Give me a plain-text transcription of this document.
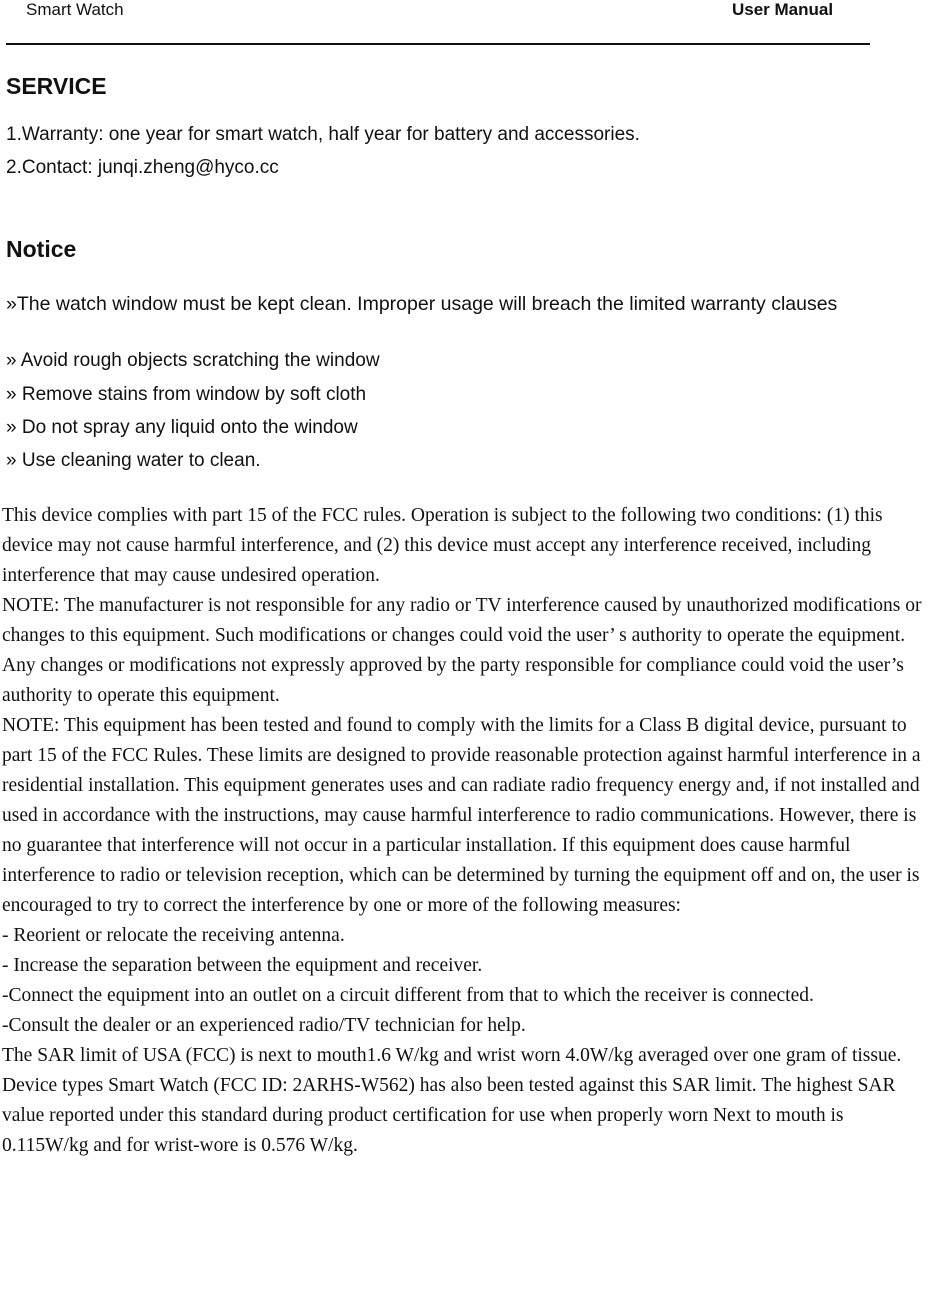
Smart Watch	User Manual
SERVICE
1.Warranty: one year for smart watch, half year for battery and accessories.
2.Contact: junqi.zheng@hyco.cc
Notice
»The watch window must be kept clean. Improper usage will breach the limited warranty clauses
» Avoid rough objects scratching the window
» Remove stains from window by soft cloth
» Do not spray any liquid onto the window
» Use cleaning water to clean.

This device complies with part 15 of the FCC rules. Operation is subject to the following two conditions: (1) this device may not cause harmful interference, and (2) this device must accept any interference received, including interference that may cause undesired operation.

NOTE: The manufacturer is not responsible for any radio or TV interference caused by unauthorized modifications or changes to this equipment. Such modifications or changes could void the user’ s authority to operate the equipment.

Any changes or modifications not expressly approved by the party responsible for compliance could void the user’s authority to operate this equipment.

NOTE: This equipment has been tested and found to comply with the limits for a Class B digital device, pursuant to part 15 of the FCC Rules. These limits are designed to provide reasonable protection against harmful interference in a residential installation. This equipment generates uses and can radiate radio frequency energy and, if not installed and used in accordance with the instructions, may cause harmful interference to radio communications. However, there is no guarantee that interference will not occur in a particular installation. If this equipment does cause harmful interference to radio or television reception, which can be determined by turning the equipment off and on, the user is encouraged to try to correct the interference by one or more of the following measures:

‐ Reorient or relocate the receiving antenna.

‐ Increase the separation between the equipment and receiver.

‐Connect the equipment into an outlet on a circuit different from that to which the receiver is connected.

‐Consult the dealer or an experienced radio/TV technician for help.

The SAR limit of USA (FCC) is next to mouth1.6 W/kg and wrist worn 4.0W/kg averaged over one gram of tissue. Device types Smart Watch (FCC ID: 2ARHS-W562) has also been tested against this SAR limit. The highest SAR value reported under this standard during product certification for use when properly worn Next to mouth is 0.115W/kg and for wrist-wore is 0.576 W/kg.
